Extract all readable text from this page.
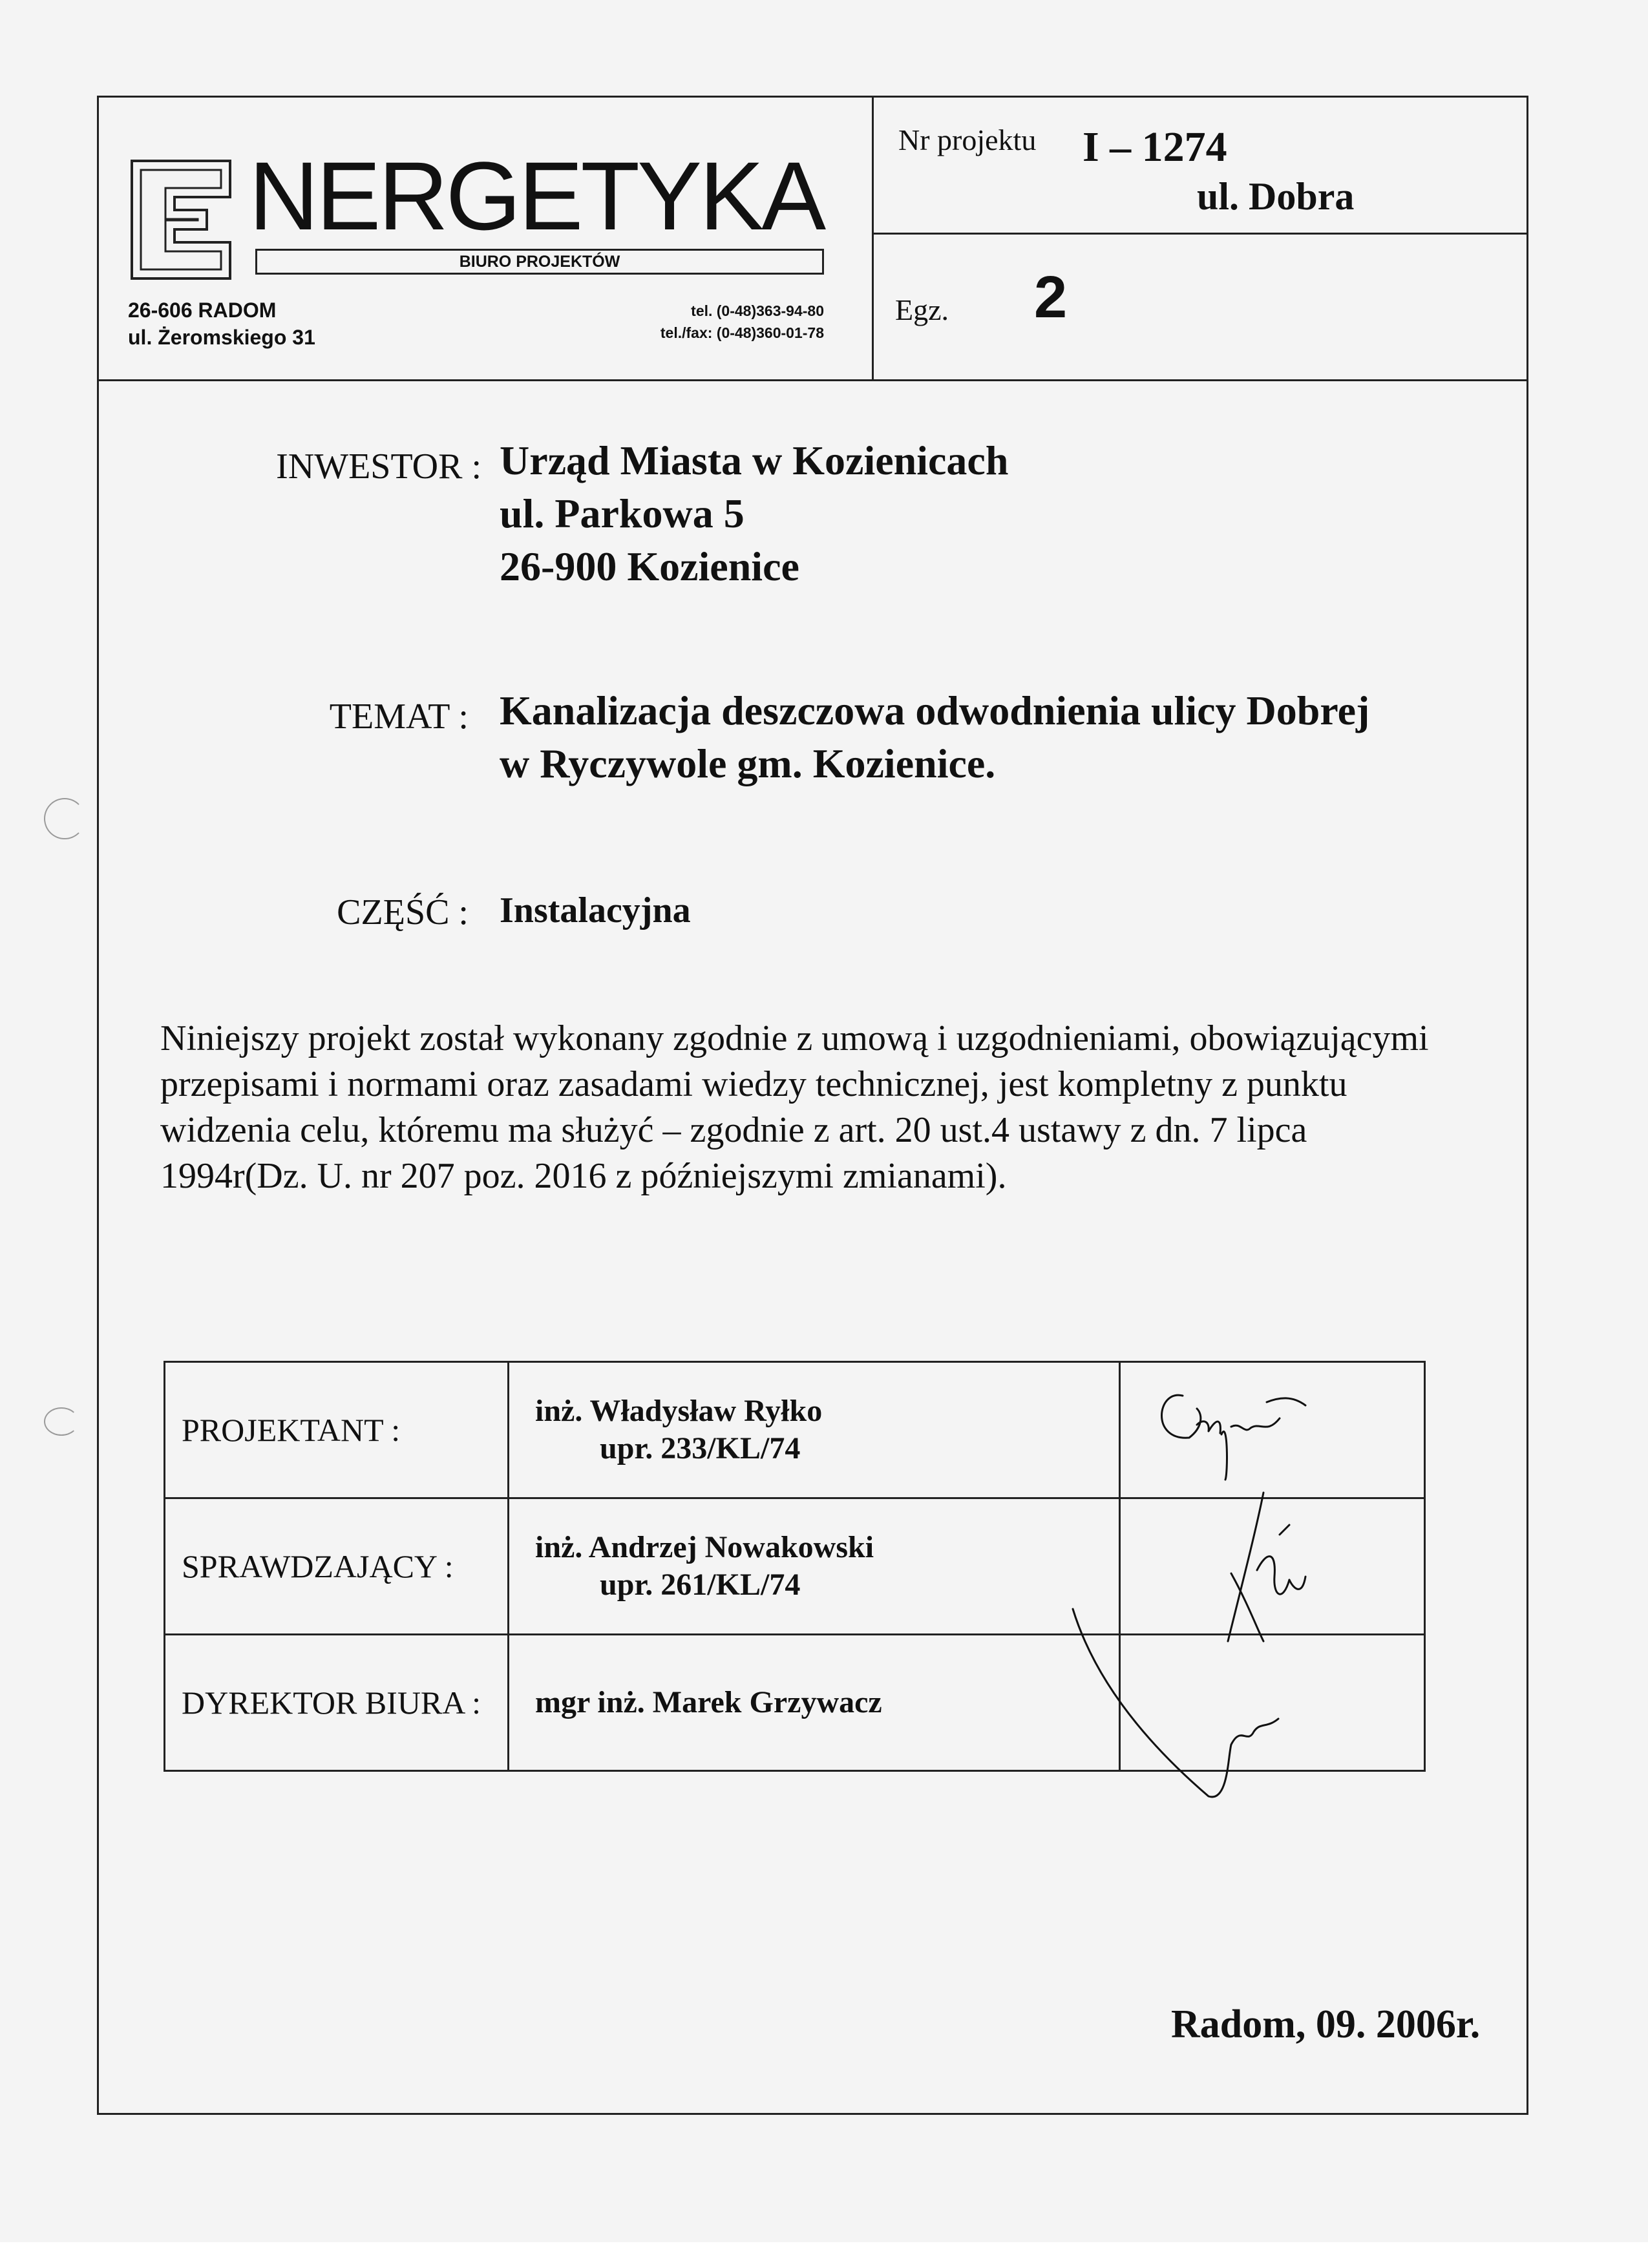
NERGETYKA
BIURO PROJEKTÓW
26-606 RADOM
ul. Żeromskiego 31
tel. (0-48)363-94-80
tel./fax: (0-48)360-01-78
Nr projektu I – 1274
ul. Dobra
Egz. 2
INWESTOR : Urząd Miasta w Kozienicach
ul. Parkowa 5
26-900 Kozienice
TEMAT : Kanalizacja deszczowa odwodnienia ulicy Dobrej
w Ryczywole gm. Kozienice.
CZĘŚĆ : Instalacyjna
Niniejszy projekt został wykonany zgodnie z umową i uzgodnieniami, obowiązującymi
przepisami i normami oraz zasadami wiedzy technicznej, jest kompletny z punktu
widzenia celu, któremu ma służyć – zgodnie z art. 20 ust.4 ustawy z dn. 7 lipca
1994r(Dz. U. nr 207 poz. 2016 z późniejszymi zmianami).
PROJEKTANT :	inż. Władysław Ryłko
upr. 233/KL/74	

SPRAWDZAJĄCY :	inż. Andrzej Nowakowski
upr. 261/KL/74	

DYREKTOR BIURA :	mgr inż. Marek Grzywacz	
Radom, 09. 2006r.
